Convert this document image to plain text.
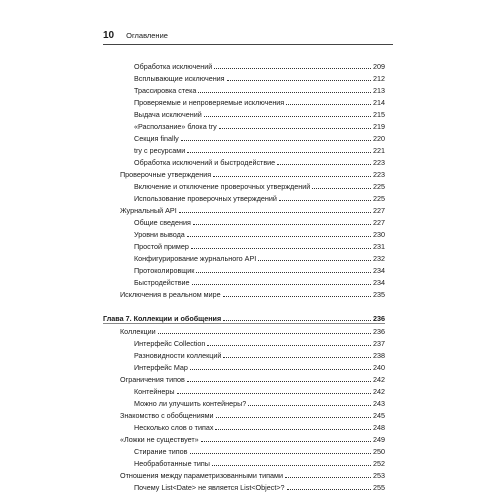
10 Оглавление
Обработка исключений	209
Всплывающие исключения	212
Трассировка стека	213
Проверяемые и непроверяемые исключения	214
Выдача исключений	215
«Расползание» блока try	219
Секция finally	220
try с ресурсами	221
Обработка исключений и быстродействие	223
Проверочные утверждения	223
Включение и отключение проверочных утверждений	225
Использование проверочных утверждений	225
Журнальный API	227
Общие сведения	227
Уровни вывода	230
Простой пример	231
Конфигурирование журнального API	232
Протоколировщик	234
Быстродействие	234
Исключения в реальном мире	235
Глава 7. Коллекции и обобщения	236
Коллекции	236
Интерфейс Collection	237
Разновидности коллекций	238
Интерфейс Map	240
Ограничения типов	242
Контейнеры	242
Можно ли улучшить контейнеры?	243
Знакомство с обобщениями	245
Несколько слов о типах	248
«Ложки не существует»	249
Стирание типов	250
Необработанные типы	252
Отношения между параметризованными типами	253
Почему List<Date> не является List<Object>?	255
